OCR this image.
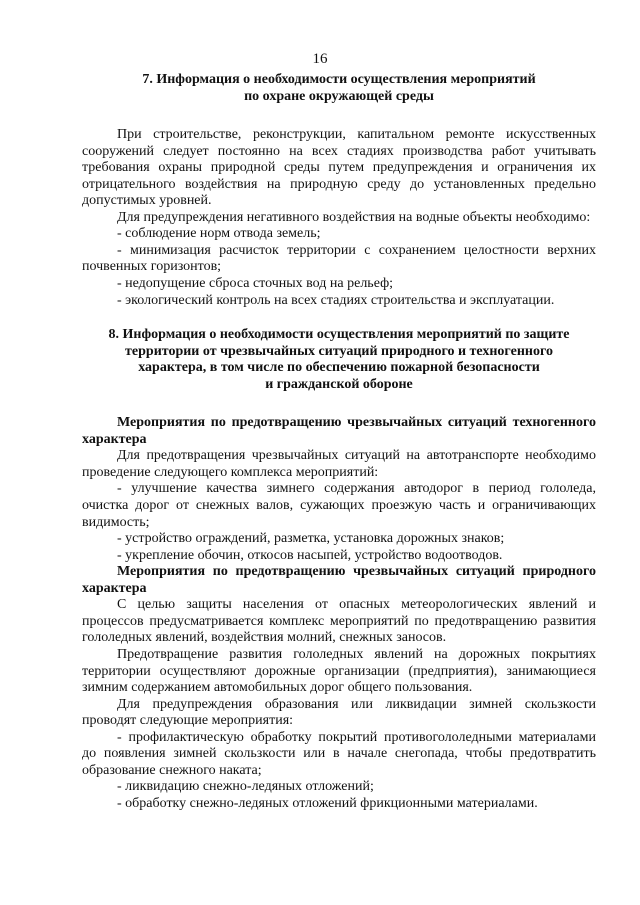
16

7. Информация о необходимости осуществления мероприятий

по охране окружающей среды

При строительстве, реконструкции, капитальном ремонте искусственных сооружений следует постоянно на всех стадиях производства работ учитывать требования охраны природной среды путем предупреждения и ограничения их отрицательного воздействия на природную среду до установленных предельно допустимых уровней.

Для предупреждения негативного воздействия на водные объекты необходимо:

- соблюдение норм отвода земель;

- минимизация расчисток территории с сохранением целостности верхних почвенных горизонтов;

- недопущение сброса сточных вод на рельеф;

- экологический контроль на всех стадиях строительства и эксплуатации.

8. Информация о необходимости осуществления мероприятий по защите

территории от чрезвычайных ситуаций природного и техногенного

характера, в том числе по обеспечению пожарной безопасности

и гражданской обороне

Мероприятия по предотвращению чрезвычайных ситуаций техногенного характера

Для предотвращения чрезвычайных ситуаций на автотранспорте необходимо проведение следующего комплекса мероприятий:

- улучшение качества зимнего содержания автодорог в период гололеда, очистка дорог от снежных валов, сужающих проезжую часть и ограничивающих видимость;

- устройство ограждений, разметка, установка дорожных знаков;

- укрепление обочин, откосов насыпей, устройство водоотводов.

Мероприятия по предотвращению чрезвычайных ситуаций природного характера

С целью защиты населения от опасных метеорологических явлений и процессов предусматривается комплекс мероприятий по предотвращению развития гололедных явлений, воздействия молний, снежных заносов.

Предотвращение развития гололедных явлений на дорожных покрытиях территории осуществляют дорожные организации (предприятия), занимающиеся зимним содержанием автомобильных дорог общего пользования.

Для предупреждения образования или ликвидации зимней скользкости проводят следующие мероприятия:

- профилактическую обработку покрытий противогололедными материалами до появления зимней скользкости или в начале снегопада, чтобы предотвратить образование снежного наката;

- ликвидацию снежно-ледяных отложений;

- обработку снежно-ледяных отложений фрикционными материалами.
